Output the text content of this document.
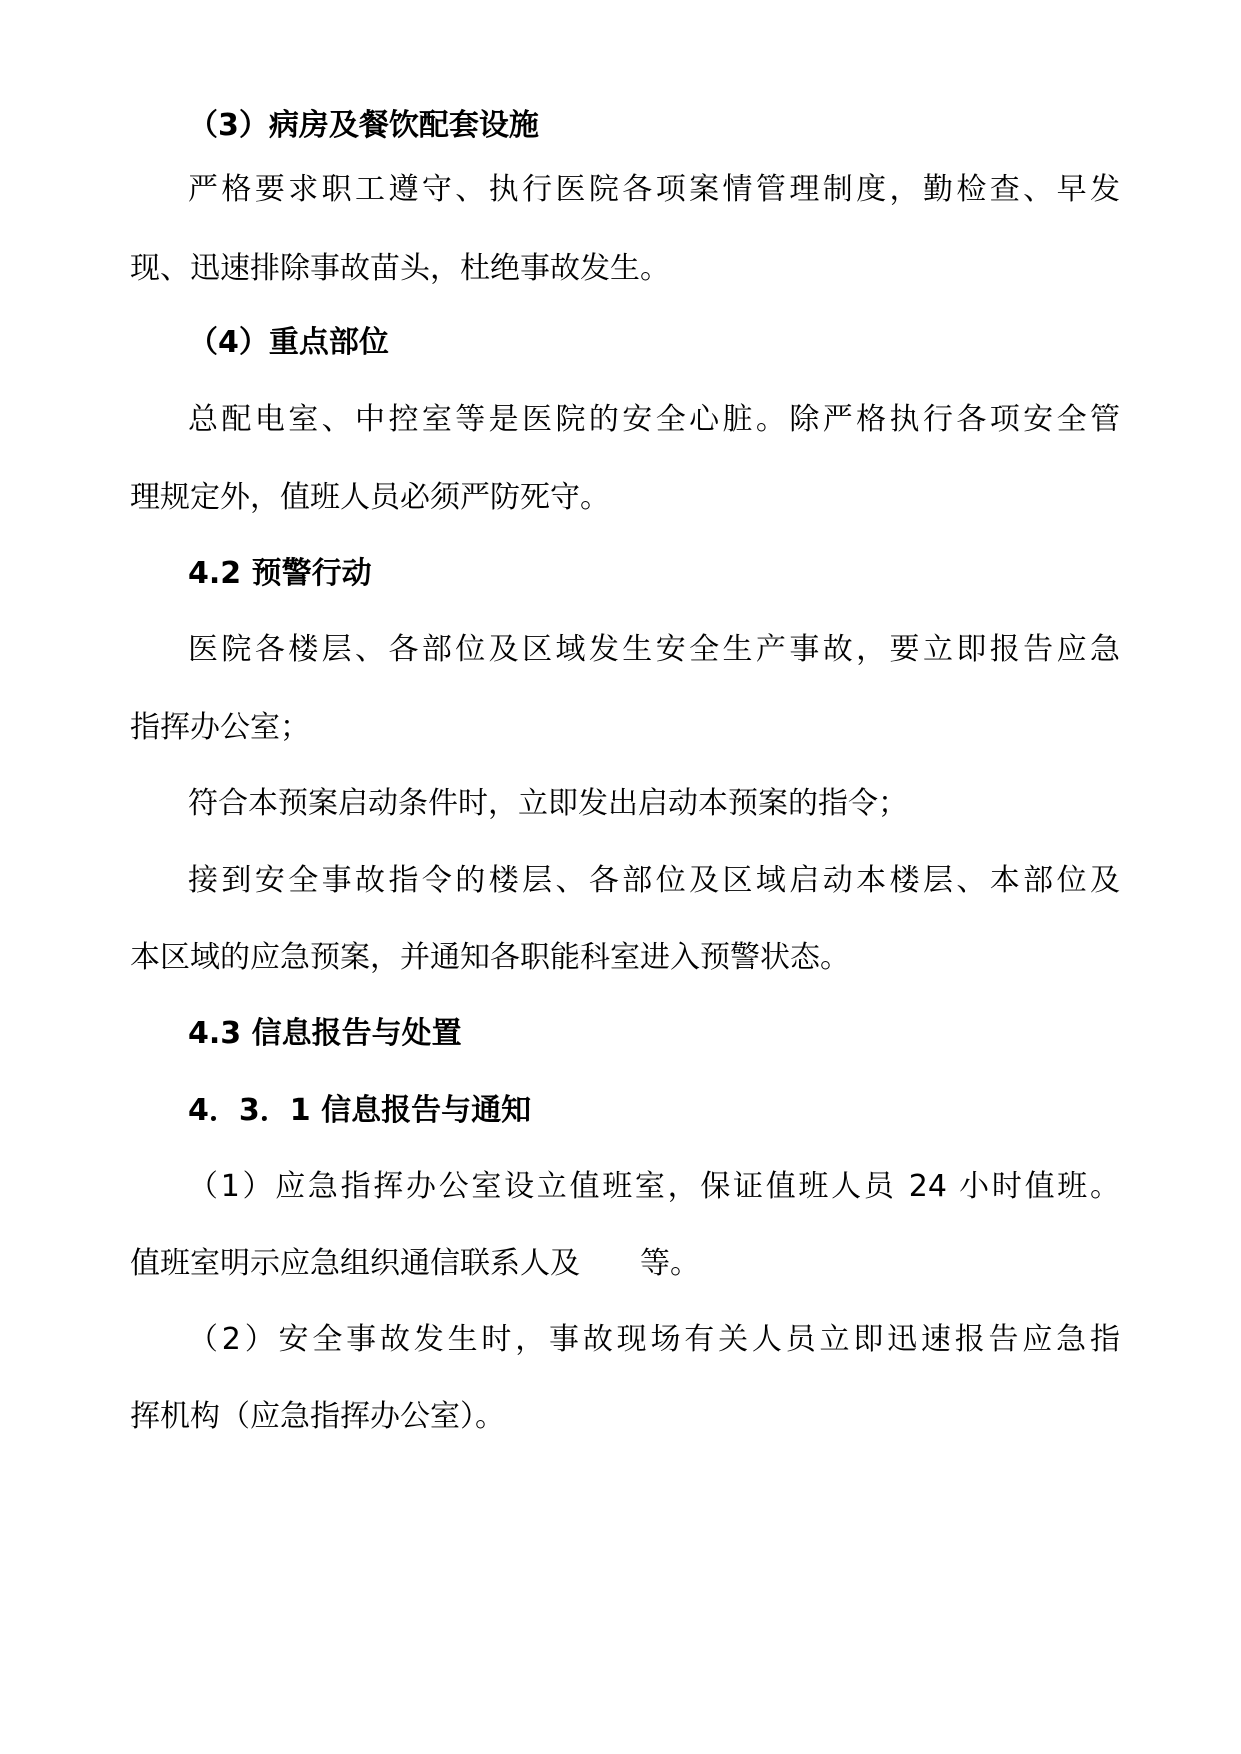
（3）病房及餐饮配套设施
严格要求职工遵守、执行医院各项案情管理制度，勤检查、早发
现、迅速排除事故苗头，杜绝事故发生。
（4）重点部位
总配电室、中控室等是医院的安全心脏。除严格执行各项安全管
理规定外，值班人员必须严防死守。
4.2 预警行动
医院各楼层、各部位及区域发生安全生产事故，要立即报告应急
指挥办公室；
符合本预案启动条件时，立即发出启动本预案的指令；
接到安全事故指令的楼层、各部位及区域启动本楼层、本部位及
本区域的应急预案，并通知各职能科室进入预警状态。
4.3 信息报告与处置
4．3．1 信息报告与通知
（1）应急指挥办公室设立值班室，保证值班人员 24 小时值班。
值班室明示应急组织通信联系人及　　等。
（2）安全事故发生时，事故现场有关人员立即迅速报告应急指
挥机构（应急指挥办公室）。
